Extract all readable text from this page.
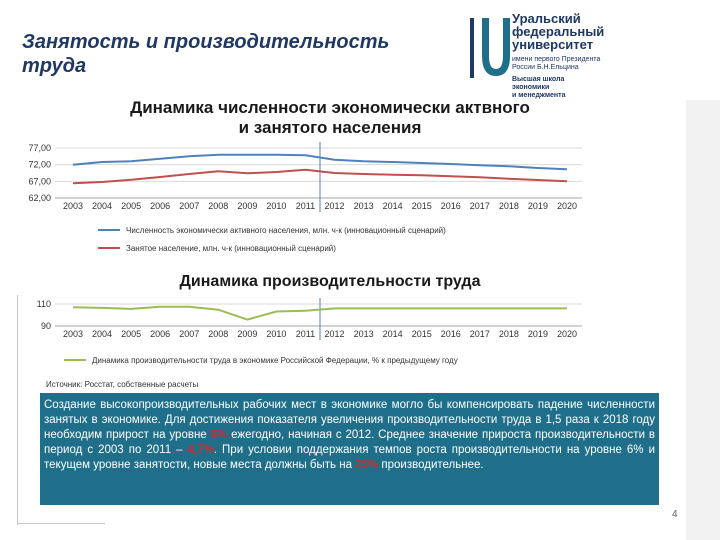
Занятость и производительность
труда
Уральский
федеральный
университет
имени первого Президента
России Б.Н.Ельцина
Высшая школа
экономики
и менеджмента
Динамика численности экономически актвного
и занятого населения
77,00
72,00
67,00
62,00
2003 2004 2005 2006 2007 2008 2009 2010 2011 2012 2013 2014 2015 2016 2017 2018 2019 2020
Численность экономически активного населения, млн. ч-к (инновационный сценарий)
Занятое население, млн. ч-к (инновационный сценарий)
Динамика производительности труда
110
90
2003 2004 2005 2006 2007 2008 2009 2010 2011 2012 2013 2014 2015 2016 2017 2018 2019 2020
Динамика производительности труда в экономике Российской Федерации, % к предыдущему году
Источник: Росстат, собственные расчеты
Создание высокопроизводительных рабочих мест в экономике могло бы компенсировать падение численности занятых в экономике. Для достижения показателя увеличения производительности труда в 1,5 раза к 2018 году необходим прирост на уровне 6% ежегодно, начиная с 2012. Среднее значение прироста производительности в период с 2003 по 2011 – 4,7%. При условии поддержания темпов роста производительности на уровне 6% и текущем уровне занятости, новые места должны быть на 25% производительнее.
4
